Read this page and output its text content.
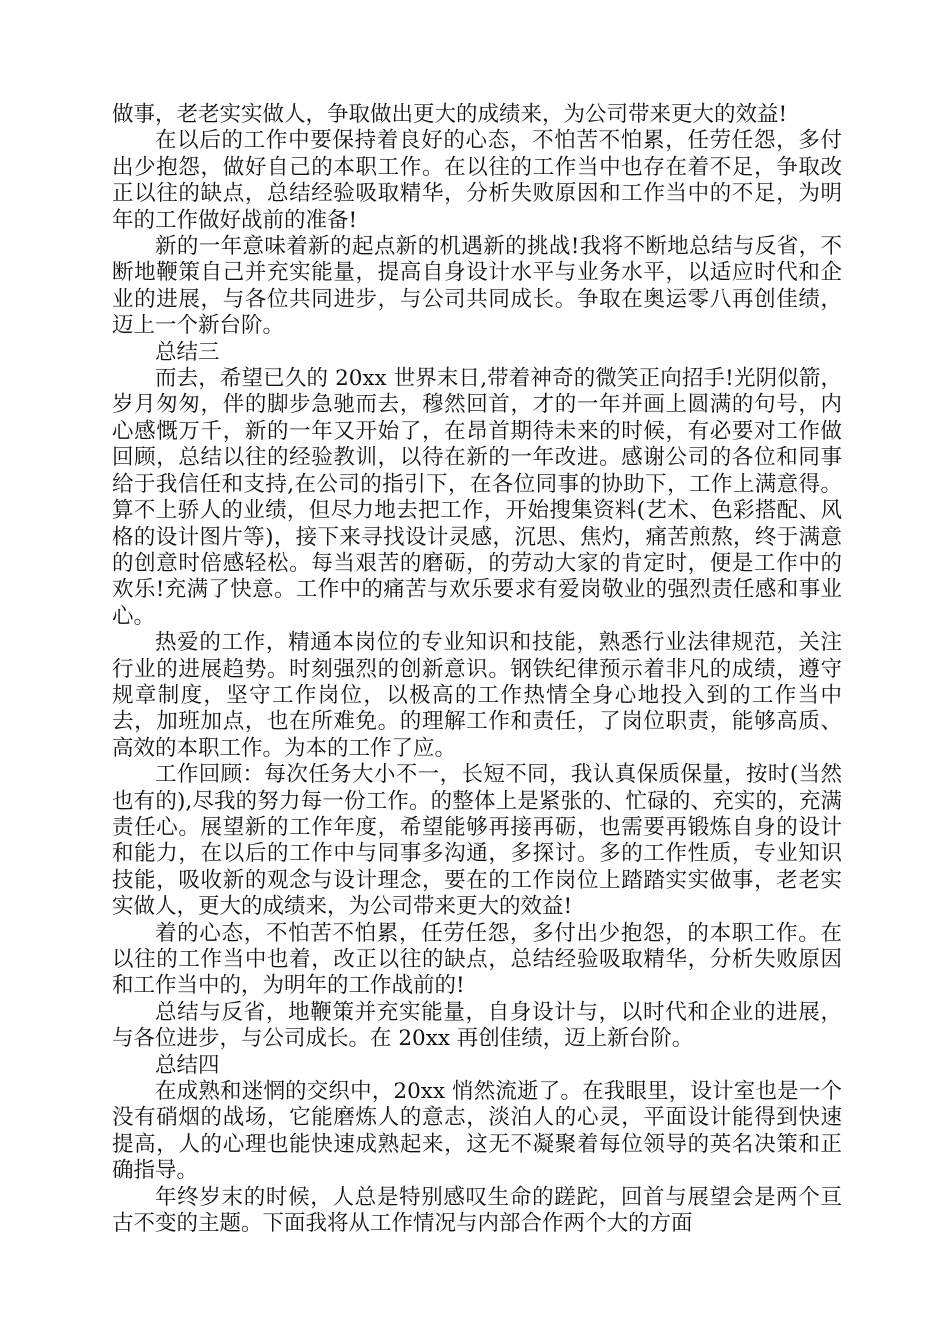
做事，老老实实做人，争取做出更大的成绩来，为公司带来更大的效益!

在以后的工作中要保持着良好的心态，不怕苦不怕累，任劳任怨，多付出少抱怨，做好自己的本职工作。在以往的工作当中也存在着不足，争取改正以往的缺点，总结经验吸取精华，分析失败原因和工作当中的不足，为明年的工作做好战前的准备!

新的一年意味着新的起点新的机遇新的挑战!我将不断地总结与反省，不断地鞭策自己并充实能量，提高自身设计水平与业务水平，以适应时代和企业的进展，与各位共同进步，与公司共同成长。争取在奥运零八再创佳绩，迈上一个新台阶。

总结三

而去，希望已久的 20xx 世界末日,带着神奇的微笑正向招手!光阴似箭，岁月匆匆，伴的脚步急驰而去，穆然回首，才的一年并画上圆满的句号，内心感慨万千，新的一年又开始了，在昂首期待未来的时候，有必要对工作做回顾，总结以往的经验教训，以待在新的一年改进。感谢公司的各位和同事给于我信任和支持,在公司的指引下，在各位同事的协助下，工作上满意得。算不上骄人的业绩，但尽力地去把工作，开始搜集资料(艺术、色彩搭配、风格的设计图片等)，接下来寻找设计灵感，沉思、焦灼，痛苦煎熬，终于满意的创意时倍感轻松。每当艰苦的磨砺，的劳动大家的肯定时，便是工作中的欢乐!充满了快意。工作中的痛苦与欢乐要求有爱岗敬业的强烈责任感和事业心。

热爱的工作，精通本岗位的专业知识和技能，熟悉行业法律规范，关注行业的进展趋势。时刻强烈的创新意识。钢铁纪律预示着非凡的成绩，遵守规章制度，坚守工作岗位，以极高的工作热情全身心地投入到的工作当中去，加班加点，也在所难免。的理解工作和责任，了岗位职责，能够高质、高效的本职工作。为本的工作了应。

工作回顾：每次任务大小不一，长短不同，我认真保质保量，按时(当然也有的),尽我的努力每一份工作。的整体上是紧张的、忙碌的、充实的，充满责任心。展望新的工作年度，希望能够再接再砺，也需要再锻炼自身的设计和能力，在以后的工作中与同事多沟通，多探讨。多的工作性质，专业知识技能，吸收新的观念与设计理念，要在的工作岗位上踏踏实实做事，老老实实做人，更大的成绩来，为公司带来更大的效益!

着的心态，不怕苦不怕累，任劳任怨，多付出少抱怨，的本职工作。在以往的工作当中也着，改正以往的缺点，总结经验吸取精华，分析失败原因和工作当中的，为明年的工作战前的!

总结与反省，地鞭策并充实能量，自身设计与，以时代和企业的进展，与各位进步，与公司成长。在 20xx 再创佳绩，迈上新台阶。

总结四

在成熟和迷惘的交织中，20xx 悄然流逝了。在我眼里，设计室也是一个没有硝烟的战场，它能磨炼人的意志，淡泊人的心灵，平面设计能得到快速提高，人的心理也能快速成熟起来，这无不凝聚着每位领导的英名决策和正确指导。

年终岁末的时候，人总是特别感叹生命的蹉跎，回首与展望会是两个亘古不变的主题。下面我将从工作情况与内部合作两个大的方面
